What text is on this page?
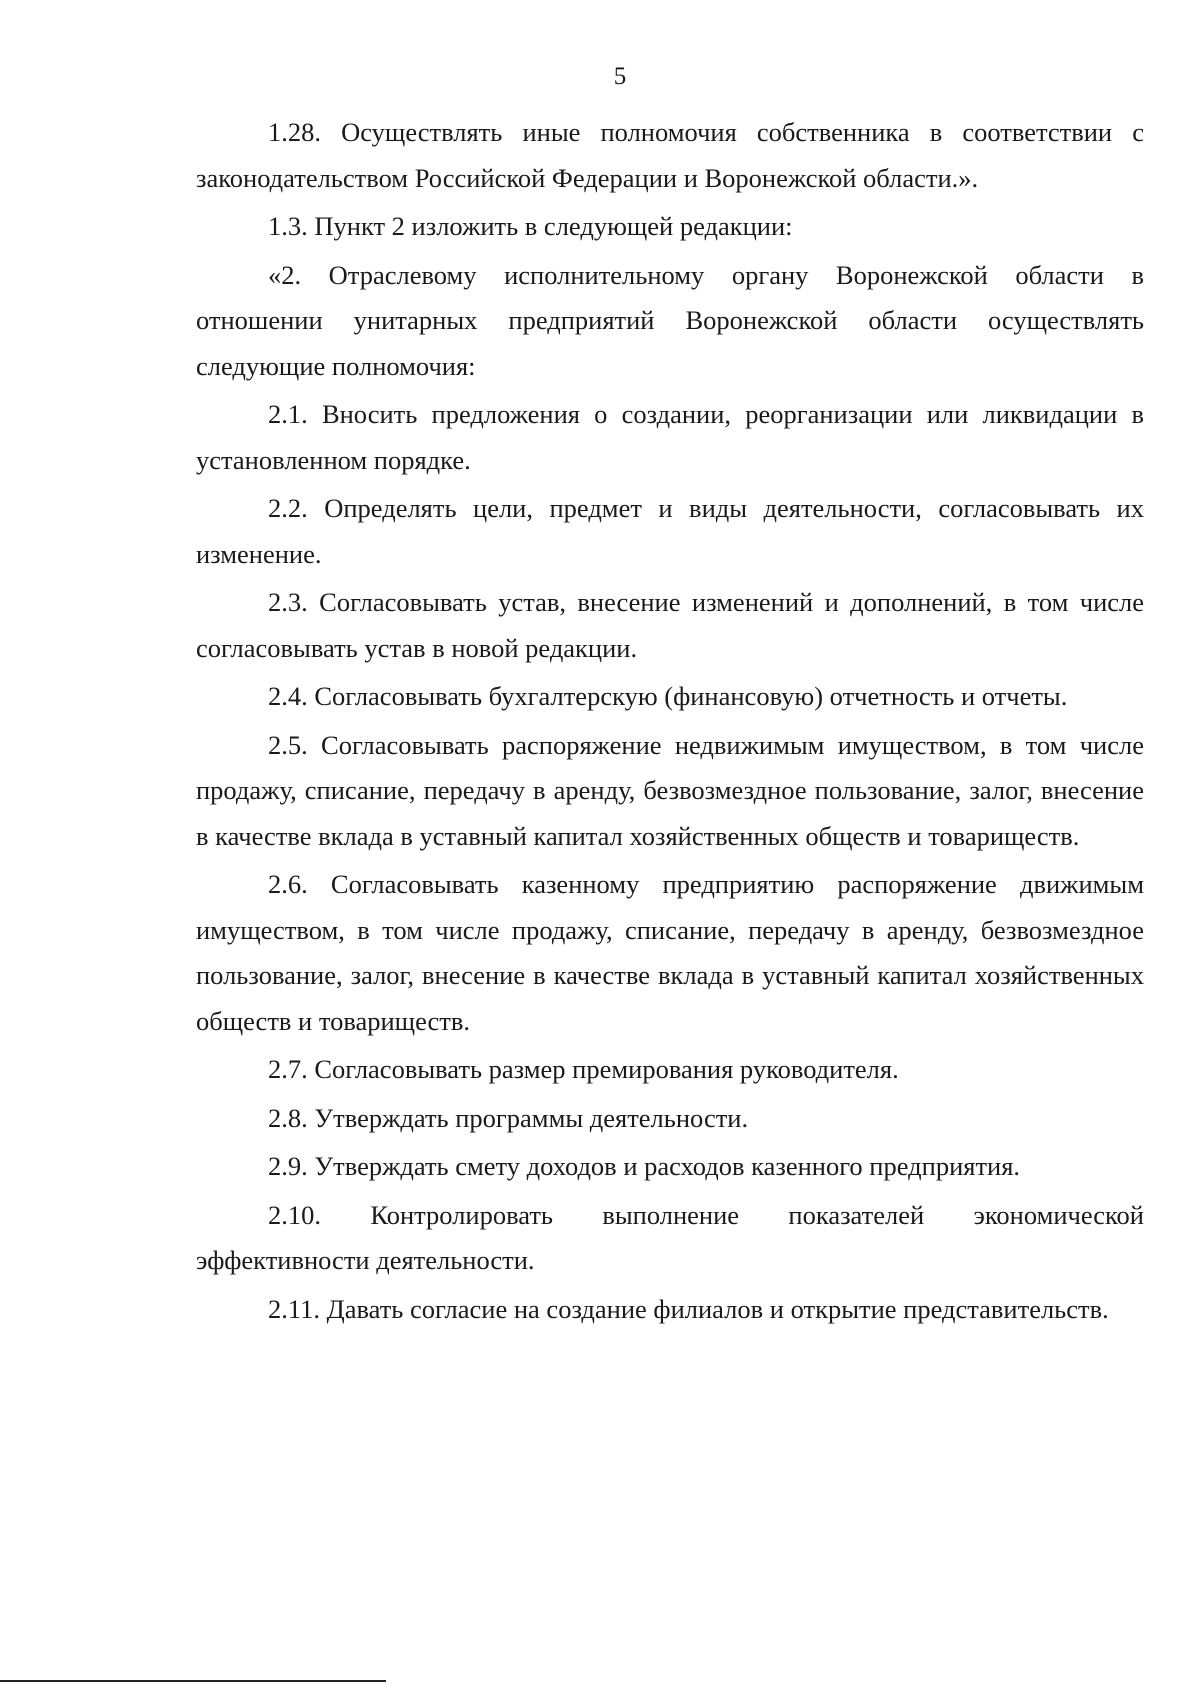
5

1.28. Осуществлять иные полномочия собственника в соответствии с законодательством Российской Федерации и Воронежской области.».

1.3. Пункт 2 изложить в следующей редакции:

«2. Отраслевому исполнительному органу Воронежской области в отношении унитарных предприятий Воронежской области осуществлять следующие полномочия:

2.1. Вносить предложения о создании, реорганизации или ликвидации в установленном порядке.

2.2. Определять цели, предмет и виды деятельности, согласовывать их изменение.

2.3. Согласовывать устав, внесение изменений и дополнений, в том числе согласовывать устав в новой редакции.

2.4. Согласовывать бухгалтерскую (финансовую) отчетность и отчеты.

2.5. Согласовывать распоряжение недвижимым имуществом, в том числе продажу, списание, передачу в аренду, безвозмездное пользование, залог, внесение в качестве вклада в уставный капитал хозяйственных обществ и товариществ.

2.6. Согласовывать казенному предприятию распоряжение движимым имуществом, в том числе продажу, списание, передачу в аренду, безвозмездное пользование, залог, внесение в качестве вклада в уставный капитал хозяйственных обществ и товариществ.

2.7. Согласовывать размер премирования руководителя.

2.8. Утверждать программы деятельности.

2.9. Утверждать смету доходов и расходов казенного предприятия.

2.10. Контролировать выполнение показателей экономической эффективности деятельности.

2.11. Давать согласие на создание филиалов и открытие представительств.
